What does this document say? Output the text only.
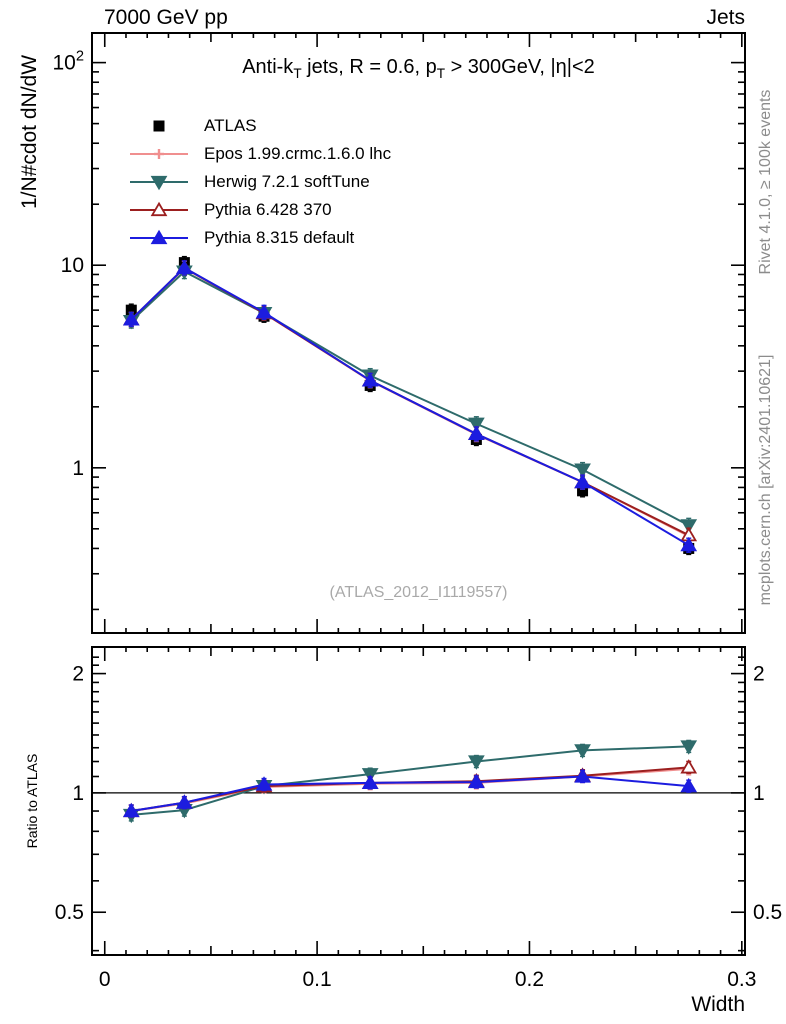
7000 GeV pp	Jets
1/N#cdot dN/dW
Ratio to ATLAS
Rivet 4.1.0, ≥ 100k events
mcplots.cern.ch [arXiv:2401.10621]
Anti-$k_T$ jets, R = 0.6, $p_T > 300GeV$, |η|<2
(ATLAS_2012_I1119557)
ATLAS
Epos 1.99.crmc.1.6.0 lhc
Herwig 7.2.1 softTune
Pythia 6.428 370
Pythia 8.315 default
Width
1
10
$10^2$
0.5	0.5
1	1
2	2
0	0.1	0.2	0.3
